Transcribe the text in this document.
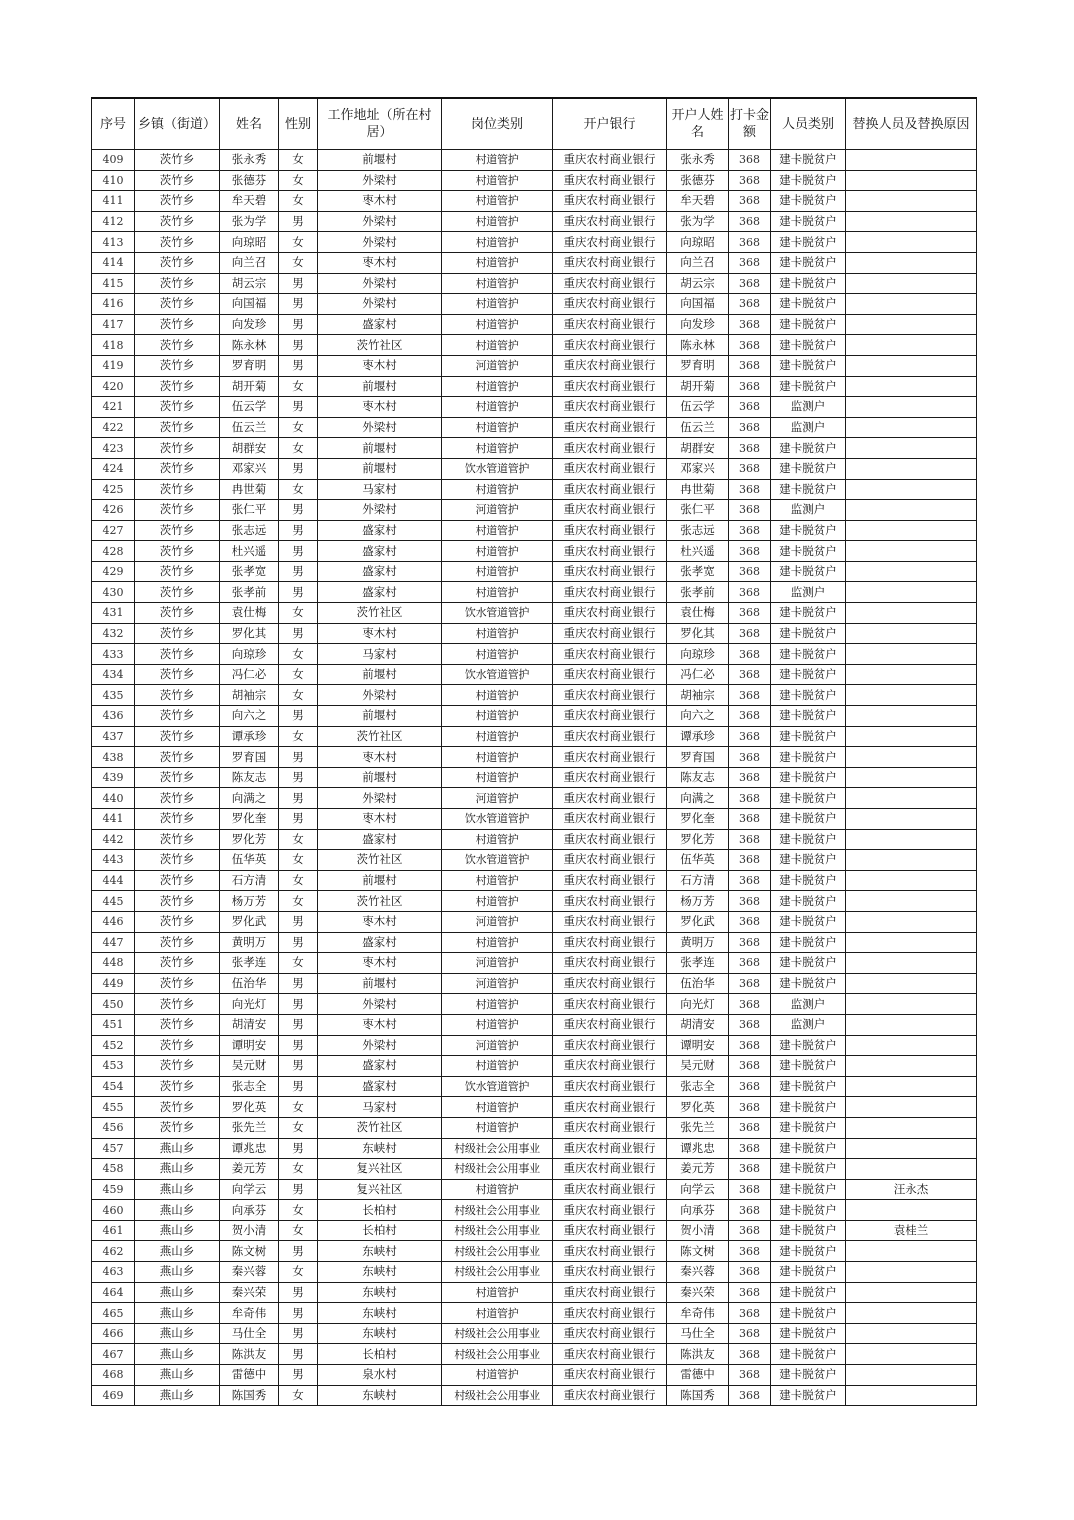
序号	乡镇（街道）	姓名	性别	工作地址（所在村居）	岗位类别	开户银行	开户人姓名	打卡金额	人员类别	替换人员及替换原因
409	茨竹乡	张永秀	女	前堰村	村道管护	重庆农村商业银行	张永秀	368	建卡脱贫户	
410	茨竹乡	张德芬	女	外梁村	村道管护	重庆农村商业银行	张德芬	368	建卡脱贫户	
411	茨竹乡	牟天碧	女	枣木村	村道管护	重庆农村商业银行	牟天碧	368	建卡脱贫户	
412	茨竹乡	张为学	男	外梁村	村道管护	重庆农村商业银行	张为学	368	建卡脱贫户	
413	茨竹乡	向琼昭	女	外梁村	村道管护	重庆农村商业银行	向琼昭	368	建卡脱贫户	
414	茨竹乡	向兰召	女	枣木村	村道管护	重庆农村商业银行	向兰召	368	建卡脱贫户	
415	茨竹乡	胡云宗	男	外梁村	村道管护	重庆农村商业银行	胡云宗	368	建卡脱贫户	
416	茨竹乡	向国福	男	外梁村	村道管护	重庆农村商业银行	向国福	368	建卡脱贫户	
417	茨竹乡	向发珍	男	盛家村	村道管护	重庆农村商业银行	向发珍	368	建卡脱贫户	
418	茨竹乡	陈永林	男	茨竹社区	村道管护	重庆农村商业银行	陈永林	368	建卡脱贫户	
419	茨竹乡	罗育明	男	枣木村	河道管护	重庆农村商业银行	罗育明	368	建卡脱贫户	
420	茨竹乡	胡开菊	女	前堰村	村道管护	重庆农村商业银行	胡开菊	368	建卡脱贫户	
421	茨竹乡	伍云学	男	枣木村	村道管护	重庆农村商业银行	伍云学	368	监测户	
422	茨竹乡	伍云兰	女	外梁村	村道管护	重庆农村商业银行	伍云兰	368	监测户	
423	茨竹乡	胡群安	女	前堰村	村道管护	重庆农村商业银行	胡群安	368	建卡脱贫户	
424	茨竹乡	邓家兴	男	前堰村	饮水管道管护	重庆农村商业银行	邓家兴	368	建卡脱贫户	
425	茨竹乡	冉世菊	女	马家村	村道管护	重庆农村商业银行	冉世菊	368	建卡脱贫户	
426	茨竹乡	张仁平	男	外梁村	河道管护	重庆农村商业银行	张仁平	368	监测户	
427	茨竹乡	张志远	男	盛家村	村道管护	重庆农村商业银行	张志远	368	建卡脱贫户	
428	茨竹乡	杜兴遥	男	盛家村	村道管护	重庆农村商业银行	杜兴遥	368	建卡脱贫户	
429	茨竹乡	张孝宽	男	盛家村	村道管护	重庆农村商业银行	张孝宽	368	建卡脱贫户	
430	茨竹乡	张孝前	男	盛家村	村道管护	重庆农村商业银行	张孝前	368	监测户	
431	茨竹乡	袁仕梅	女	茨竹社区	饮水管道管护	重庆农村商业银行	袁仕梅	368	建卡脱贫户	
432	茨竹乡	罗化其	男	枣木村	村道管护	重庆农村商业银行	罗化其	368	建卡脱贫户	
433	茨竹乡	向琼珍	女	马家村	村道管护	重庆农村商业银行	向琼珍	368	建卡脱贫户	
434	茨竹乡	冯仁必	女	前堰村	饮水管道管护	重庆农村商业银行	冯仁必	368	建卡脱贫户	
435	茨竹乡	胡袖宗	女	外梁村	村道管护	重庆农村商业银行	胡袖宗	368	建卡脱贫户	
436	茨竹乡	向六之	男	前堰村	村道管护	重庆农村商业银行	向六之	368	建卡脱贫户	
437	茨竹乡	谭承珍	女	茨竹社区	村道管护	重庆农村商业银行	谭承珍	368	建卡脱贫户	
438	茨竹乡	罗育国	男	枣木村	村道管护	重庆农村商业银行	罗育国	368	建卡脱贫户	
439	茨竹乡	陈友志	男	前堰村	村道管护	重庆农村商业银行	陈友志	368	建卡脱贫户	
440	茨竹乡	向满之	男	外梁村	河道管护	重庆农村商业银行	向满之	368	建卡脱贫户	
441	茨竹乡	罗化奎	男	枣木村	饮水管道管护	重庆农村商业银行	罗化奎	368	建卡脱贫户	
442	茨竹乡	罗化芳	女	盛家村	村道管护	重庆农村商业银行	罗化芳	368	建卡脱贫户	
443	茨竹乡	伍华英	女	茨竹社区	饮水管道管护	重庆农村商业银行	伍华英	368	建卡脱贫户	
444	茨竹乡	石方清	女	前堰村	村道管护	重庆农村商业银行	石方清	368	建卡脱贫户	
445	茨竹乡	杨万芳	女	茨竹社区	村道管护	重庆农村商业银行	杨万芳	368	建卡脱贫户	
446	茨竹乡	罗化武	男	枣木村	河道管护	重庆农村商业银行	罗化武	368	建卡脱贫户	
447	茨竹乡	黄明万	男	盛家村	村道管护	重庆农村商业银行	黄明万	368	建卡脱贫户	
448	茨竹乡	张孝连	女	枣木村	河道管护	重庆农村商业银行	张孝连	368	建卡脱贫户	
449	茨竹乡	伍治华	男	前堰村	河道管护	重庆农村商业银行	伍治华	368	建卡脱贫户	
450	茨竹乡	向光灯	男	外梁村	村道管护	重庆农村商业银行	向光灯	368	监测户	
451	茨竹乡	胡清安	男	枣木村	村道管护	重庆农村商业银行	胡清安	368	监测户	
452	茨竹乡	谭明安	男	外梁村	河道管护	重庆农村商业银行	谭明安	368	建卡脱贫户	
453	茨竹乡	吴元财	男	盛家村	村道管护	重庆农村商业银行	吴元财	368	建卡脱贫户	
454	茨竹乡	张志全	男	盛家村	饮水管道管护	重庆农村商业银行	张志全	368	建卡脱贫户	
455	茨竹乡	罗化英	女	马家村	村道管护	重庆农村商业银行	罗化英	368	建卡脱贫户	
456	茨竹乡	张先兰	女	茨竹社区	村道管护	重庆农村商业银行	张先兰	368	建卡脱贫户	
457	燕山乡	谭兆忠	男	东峡村	村级社会公用事业	重庆农村商业银行	谭兆忠	368	建卡脱贫户	
458	燕山乡	姜元芳	女	复兴社区	村级社会公用事业	重庆农村商业银行	姜元芳	368	建卡脱贫户	
459	燕山乡	向学云	男	复兴社区	村道管护	重庆农村商业银行	向学云	368	建卡脱贫户	汪永杰
460	燕山乡	向承芬	女	长柏村	村级社会公用事业	重庆农村商业银行	向承芬	368	建卡脱贫户	
461	燕山乡	贺小清	女	长柏村	村级社会公用事业	重庆农村商业银行	贺小清	368	建卡脱贫户	袁桂兰
462	燕山乡	陈文树	男	东峡村	村级社会公用事业	重庆农村商业银行	陈文树	368	建卡脱贫户	
463	燕山乡	秦兴蓉	女	东峡村	村级社会公用事业	重庆农村商业银行	秦兴蓉	368	建卡脱贫户	
464	燕山乡	秦兴荣	男	东峡村	村道管护	重庆农村商业银行	秦兴荣	368	建卡脱贫户	
465	燕山乡	牟奇伟	男	东峡村	村道管护	重庆农村商业银行	牟奇伟	368	建卡脱贫户	
466	燕山乡	马仕全	男	东峡村	村级社会公用事业	重庆农村商业银行	马仕全	368	建卡脱贫户	
467	燕山乡	陈洪友	男	长柏村	村级社会公用事业	重庆农村商业银行	陈洪友	368	建卡脱贫户	
468	燕山乡	雷德中	男	泉水村	村道管护	重庆农村商业银行	雷德中	368	建卡脱贫户	
469	燕山乡	陈国秀	女	东峡村	村级社会公用事业	重庆农村商业银行	陈国秀	368	建卡脱贫户	
